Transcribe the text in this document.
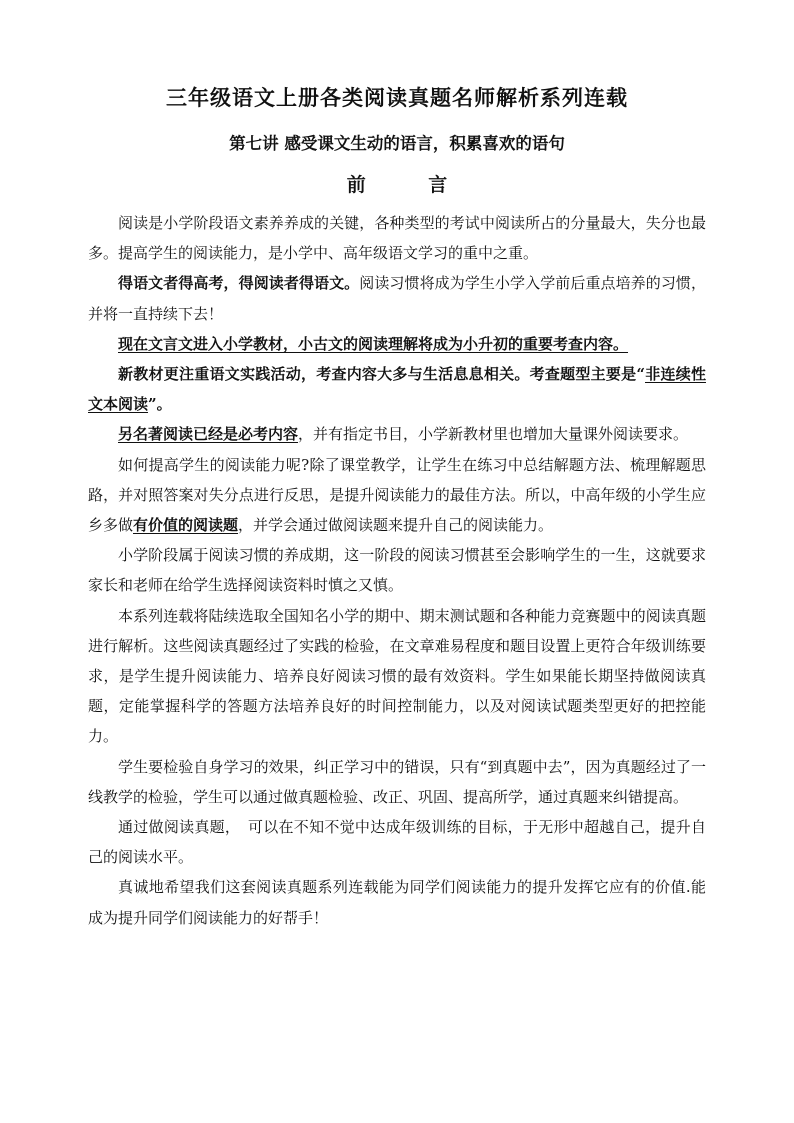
三年级语文上册各类阅读真题名师解析系列连载
第七讲 感受课文生动的语言，积累喜欢的语句
前 言

阅读是小学阶段语文素养养成的关键，各种类型的考试中阅读所占的分量最大，失分也最多。提高学生的阅读能力，是小学中、高年级语文学习的重中之重。

得语文者得高考，得阅读者得语文。阅读习惯将成为学生小学入学前后重点培养的习惯，并将一直持续下去！

现在文言文进入小学教材，小古文的阅读理解将成为小升初的重要考查内容。

新教材更注重语文实践活动，考查内容大多与生活息息相关。考查题型主要是“非连续性文本阅读”。

另名著阅读已经是必考内容，并有指定书目，小学新教材里也增加大量课外阅读要求。

如何提高学生的阅读能力呢?除了课堂教学，让学生在练习中总结解题方法、梳理解题思路，并对照答案对失分点进行反思，是提升阅读能力的最佳方法。所以，中高年级的小学生应乡多做有价值的阅读题，并学会通过做阅读题来提升自己的阅读能力。

小学阶段属于阅读习惯的养成期，这一阶段的阅读习惯甚至会影响学生的一生，这就要求家长和老师在给学生选择阅读资料时慎之又慎。

本系列连载将陆续选取全国知名小学的期中、期末测试题和各种能力竞赛题中的阅读真题进行解析。这些阅读真题经过了实践的检验，在文章难易程度和题目设置上更符合年级训练要求，是学生提升阅读能力、培养良好阅读习惯的最有效资料。学生如果能长期坚持做阅读真题，定能掌握科学的答题方法培养良好的时间控制能力，以及对阅读试题类型更好的把控能力。

学生要检验自身学习的效果，纠正学习中的错误，只有“到真题中去”，因为真题经过了一线教学的检验，学生可以通过做真题检验、改正、巩固、提高所学，通过真题来纠错提高。

通过做阅读真题，　可以在不知不觉中达成年级训练的目标，于无形中超越自己，提升自己的阅读水平。

真诚地希望我们这套阅读真题系列连载能为同学们阅读能力的提升发挥它应有的价值.能成为提升同学们阅读能力的好帮手！
